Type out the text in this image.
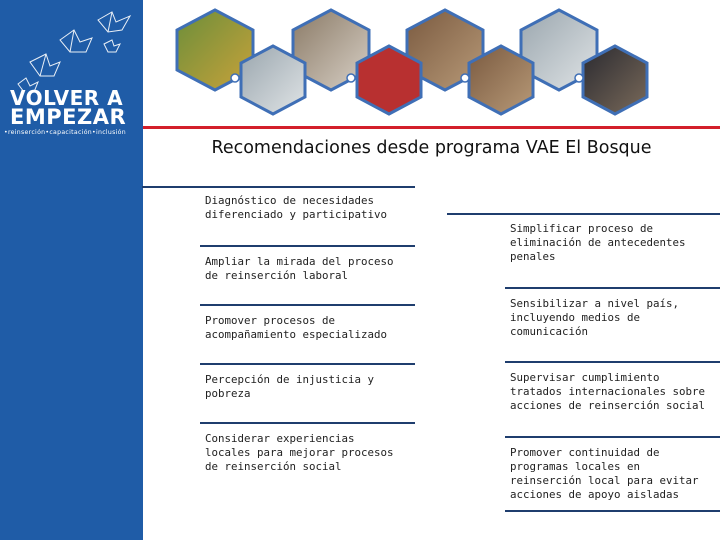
VOLVER A
EMPEZAR
•reinserción•capacitación•inclusión
Recomendaciones desde programa VAE El Bosque
Diagnóstico de necesidades diferenciado y participativo
Ampliar la mirada del proceso de reinserción laboral
Promover procesos de acompañamiento especializado
Percepción de injusticia y pobreza
Considerar experiencias locales para mejorar procesos de reinserción social
Simplificar proceso de eliminación de antecedentes penales
Sensibilizar a nivel país, incluyendo medios de comunicación
Supervisar cumplimiento tratados internacionales sobre acciones de reinserción social
Promover continuidad de programas locales en reinserción local para evitar acciones de apoyo aisladas
